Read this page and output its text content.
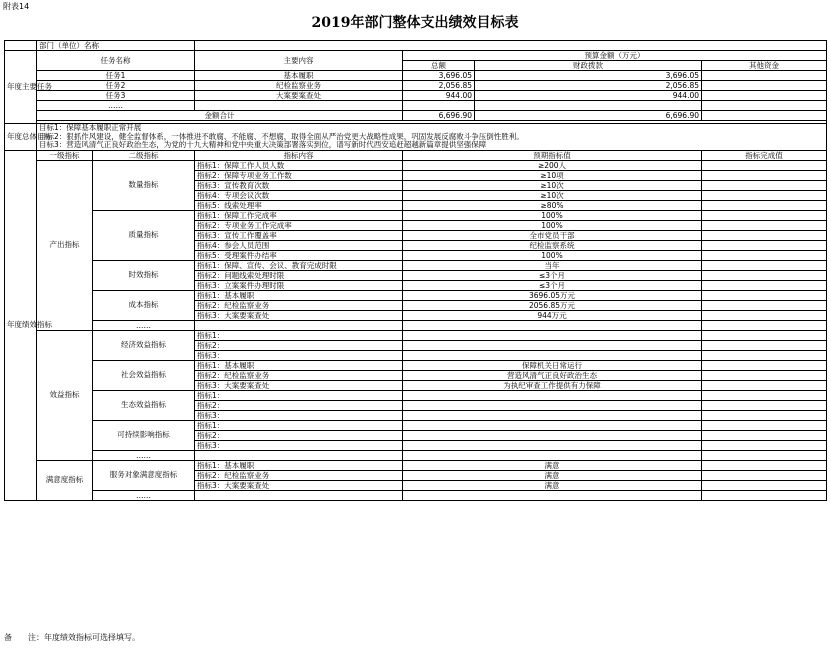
附表14
2019年部门整体支出绩效目标表
	部门（单位）名称					
年度主要任务	任务名称		主要内容	预算金额（万元）		
				总额	财政拨款	其他资金
	任务1		基本履职	3,696.05	3,696.05	
	任务2		纪检监察业务	2,056.85	2,056.85	
	任务3		大案要案查处	944.00	944.00	
	……					
	金额合计			6,696.90	6,696.90	

年度总体目标	目标1：保障基本履职正常开展
目标2：狠抓作风建设，健全监督体系，一体推进不敢腐、不能腐、不想腐，取得全面从严治党更大战略性成果，巩固发展反腐败斗争压倒性胜利。
目标3：营造风清气正良好政治生态，为党的十九大精神和党中央重大决策部署落实到位，谱写新时代西安追赶超越新篇章提供坚强保障					

年度绩效指标	一级指标	二级指标	指标内容	预期指标值		指标完成值
	产出指标	数量指标	指标1：保障工作人员人数	≥200人		
			指标2：保障专项业务工作数	≥10项		
			指标3：宣传教育次数	≥10次		
			指标4：专项会议次数	≥10次		
			指标5：线索处理率	≥80%		
		质量指标	指标1：保障工作完成率	100%		
			指标2：专项业务工作完成率	100%		
			指标3：宣传工作覆盖率	全市党员干部		
			指标4：参会人员范围	纪检监察系统		
			指标5：受理案件办结率	100%		
		时效指标	指标1：保障、宣传、会议、教育完成时限	当年		
			指标2：问题线索处理时限	≤3个月		
			指标3：立案案件办理时限	≤3个月		
		成本指标	指标1：基本履职	3696.05万元		
			指标2：纪检监察业务	2056.85万元		
			指标3：大案要案查处	944万元		
		……				
	效益指标	经济效益指标	指标1：			
			指标2：			
			指标3：			
		社会效益指标	指标1：基本履职	保障机关日常运行		
			指标2：纪检监察业务	营造风清气正良好政治生态		
			指标3：大案要案查处	为执纪审查工作提供有力保障		
		生态效益指标	指标1：			
			指标2：			
			指标3：			
		可持续影响指标	指标1：			
			指标2：			
			指标3：			
		……				
	满意度指标	服务对象满意度指标	指标1：基本履职	满意		
			指标2：纪检监察业务	满意		
			指标3：大案要案查处	满意		
		……				
备　　注：年度绩效指标可选择填写。
